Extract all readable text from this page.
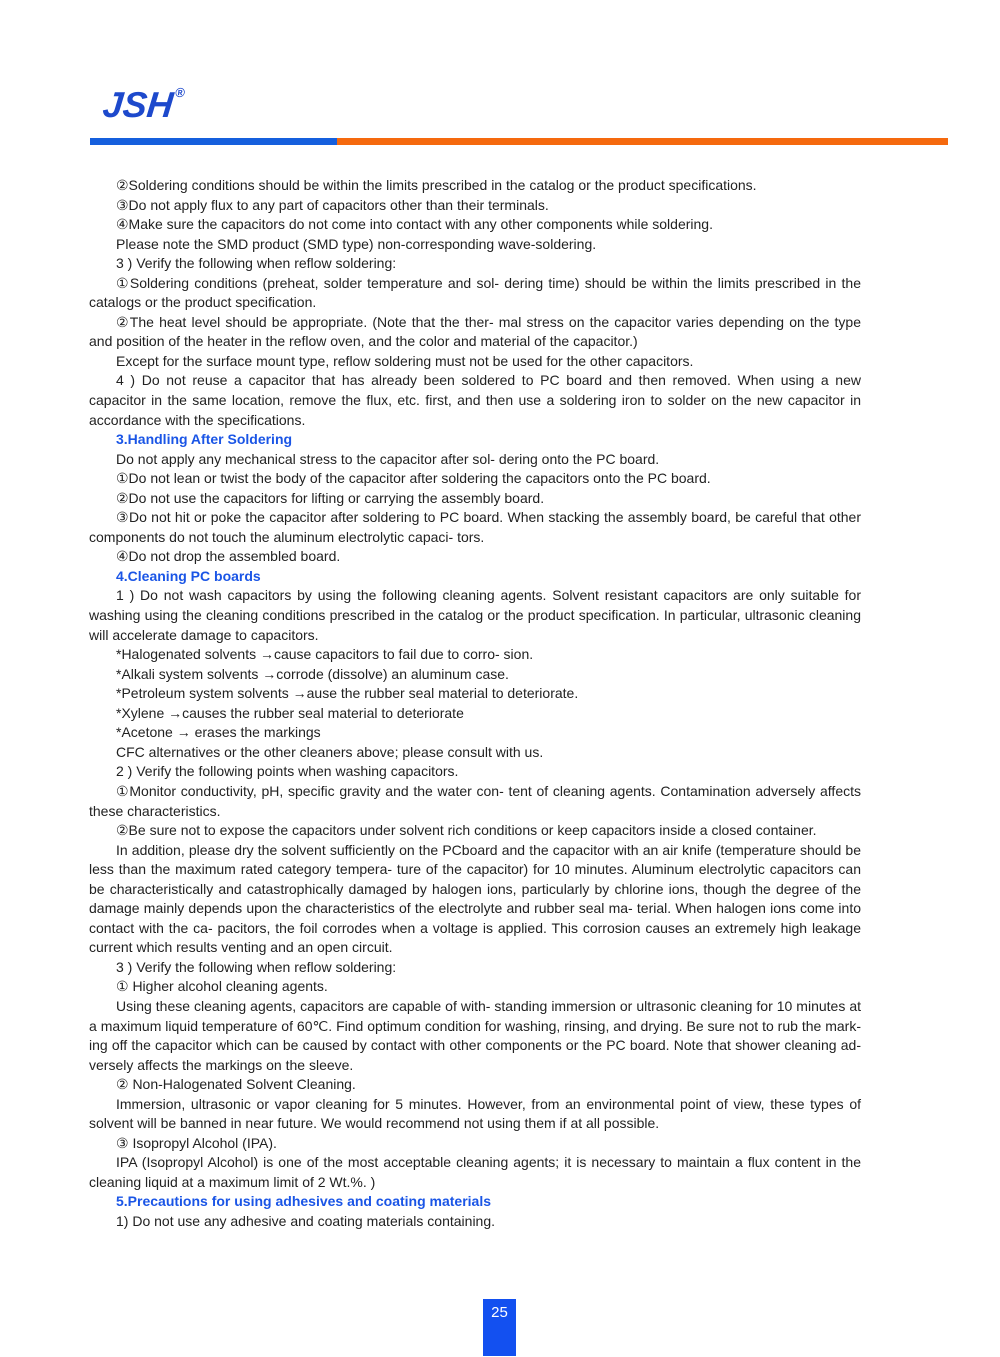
JSH®

②Soldering conditions should be within the limits prescribed in the catalog or the product specifications.

③Do not apply flux to any part of capacitors other than their terminals.

④Make sure the capacitors do not come into contact with any other components while soldering.

Please note the SMD product (SMD type) non-corresponding wave-soldering.

3 ) Verify the following when reflow soldering:

①Soldering conditions (preheat, solder temperature and sol- dering time) should be within the limits prescribed in the catalogs or the product specification.

②The heat level should be appropriate. (Note that the ther- mal stress on the capacitor varies depending on the type and position of the heater in the reflow oven, and the color and material of the capacitor.)

Except for the surface mount type, reflow soldering must not be used for the other capacitors.

4 ) Do not reuse a capacitor that has already been soldered to PC board and then removed. When using a new capacitor in the same location, remove the flux, etc. first, and then use a soldering iron to solder on the new capacitor in accordance with the specifications.

3.Handling After Soldering

Do not apply any mechanical stress to the capacitor after sol- dering onto the PC board.

①Do not lean or twist the body of the capacitor after soldering the capacitors onto the PC board.

②Do not use the capacitors for lifting or carrying the assembly board.

③Do not hit or poke the capacitor after soldering to PC board. When stacking the assembly board, be careful that other components do not touch the aluminum electrolytic capaci- tors.

④Do not drop the assembled board.

4.Cleaning PC boards

1 ) Do not wash capacitors by using the following cleaning agents. Solvent resistant capacitors are only suitable for washing using the cleaning conditions prescribed in the catalog or the product specification. In particular, ultrasonic cleaning will accelerate damage to capacitors.

*Halogenated solvents →cause capacitors to fail due to corro- sion.

*Alkali system solvents →corrode (dissolve) an aluminum case.

*Petroleum system solvents →ause the rubber seal material to deteriorate.

*Xylene →causes the rubber seal material to deteriorate

*Acetone → erases the markings

CFC alternatives or the other cleaners above; please consult with us.

2 ) Verify the following points when washing capacitors.

①Monitor conductivity, pH, specific gravity and the water con- tent of cleaning agents. Contamination adversely affects these characteristics.

②Be sure not to expose the capacitors under solvent rich conditions or keep capacitors inside a closed container.

In addition, please dry the solvent sufficiently on the PCboard and the capacitor with an air knife (temperature should be less than the maximum rated category tempera- ture of the capacitor) for 10 minutes. Aluminum electrolytic capacitors can be characteristically and catastrophically damaged by halogen ions, particularly by chlorine ions, though the degree of the damage mainly depends upon the characteristics of the electrolyte and rubber seal ma- terial. When halogen ions come into contact with the ca- pacitors, the foil corrodes when a voltage is applied. This corrosion causes an extremely high leakage current which results venting and an open circuit.

3 ) Verify the following when reflow soldering:

① Higher alcohol cleaning agents.

Using these cleaning agents, capacitors are capable of with- standing immersion or ultrasonic cleaning for 10 minutes at a maximum liquid temperature of 60℃. Find optimum condition for washing, rinsing, and drying. Be sure not to rub the mark- ing off the capacitor which can be caused by contact with other components or the PC board. Note that shower cleaning ad- versely affects the markings on the sleeve.

② Non-Halogenated Solvent Cleaning.

Immersion, ultrasonic or vapor cleaning for 5 minutes. However, from an environmental point of view, these types of solvent will be banned in near future. We would recommend not using them if at all possible.

③ Isopropyl Alcohol (IPA).

IPA (Isopropyl Alcohol) is one of the most acceptable cleaning agents; it is necessary to maintain a flux content in the cleaning liquid at a maximum limit of 2 Wt.%. )

5.Precautions for using adhesives and coating materials

1) Do not use any adhesive and coating materials containing.

25
